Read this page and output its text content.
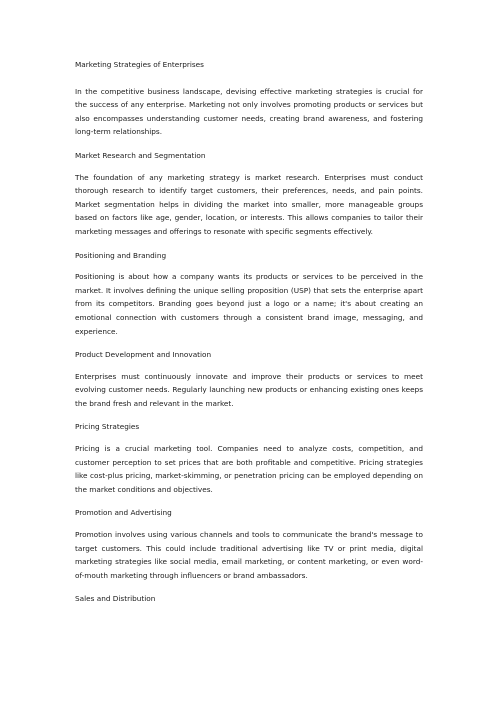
Marketing Strategies of Enterprises

In the competitive business landscape, devising effective marketing strategies is crucial for the success of any enterprise. Marketing not only involves promoting products or services but also encompasses understanding customer needs, creating brand awareness, and fostering long-term relationships.

Market Research and Segmentation

The foundation of any marketing strategy is market research. Enterprises must conduct thorough research to identify target customers, their preferences, needs, and pain points. Market segmentation helps in dividing the market into smaller, more manageable groups based on factors like age, gender, location, or interests. This allows companies to tailor their marketing messages and offerings to resonate with specific segments effectively.

Positioning and Branding

Positioning is about how a company wants its products or services to be perceived in the market. It involves defining the unique selling proposition (USP) that sets the enterprise apart from its competitors. Branding goes beyond just a logo or a name; it's about creating an emotional connection with customers through a consistent brand image, messaging, and experience.

Product Development and Innovation

Enterprises must continuously innovate and improve their products or services to meet evolving customer needs. Regularly launching new products or enhancing existing ones keeps the brand fresh and relevant in the market.

Pricing Strategies

Pricing is a crucial marketing tool. Companies need to analyze costs, competition, and customer perception to set prices that are both profitable and competitive. Pricing strategies like cost-plus pricing, market-skimming, or penetration pricing can be employed depending on the market conditions and objectives.

Promotion and Advertising

Promotion involves using various channels and tools to communicate the brand's message to target customers. This could include traditional advertising like TV or print media, digital marketing strategies like social media, email marketing, or content marketing, or even word-of-mouth marketing through influencers or brand ambassadors.

Sales and Distribution
